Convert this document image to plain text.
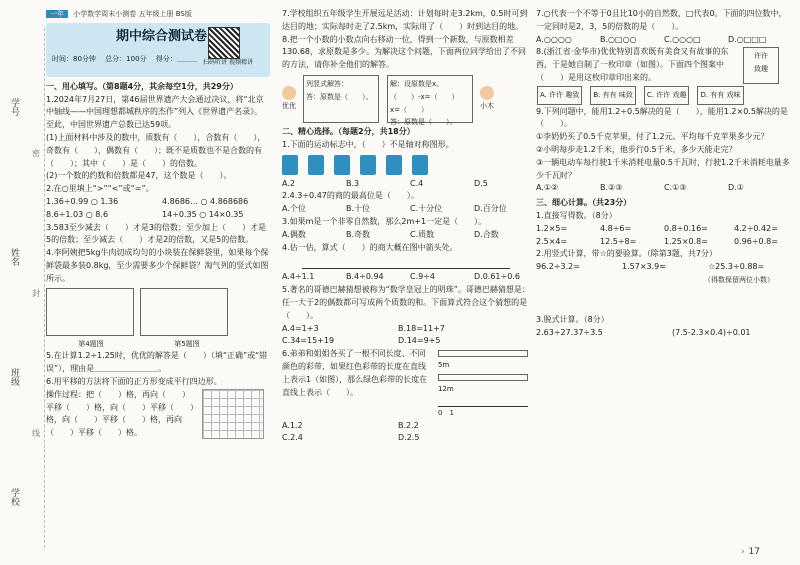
学号
姓名
班级
学校
密
封
线
一年 小学数学周末小测卷 五年级上册 BS版
期中综合测试卷
时间：80分钟　 总分：100分　 得分：＿＿＿ 扫码听讲 视频精讲
一、用心填写。（第8题4分，其余每空1分，共29分）

1.2024年7月27日，第46届世界遗产大会通过决议，将“北京中轴线——中国理想都城秩序的杰作”列入《世界遗产名录》。至此，中国世界遗产总数已达59项。

(1)上面材料中涉及的数中，质数有（　　），合数有（　　），奇数有（　　），偶数有（　　）；既不是质数也不是合数的有（　　）；其中（　　）是（　　）的倍数。

(2)一个数的约数和倍数都是47，这个数是（　　）。

2.在○里填上“>”“<”或“=”。

1.36÷0.99 ○ 1.36	4.8686… ○ 4.868686
8.6÷1.03 ○ 8.6	14÷0.35 ○ 14×0.35

3.583至少减去（　　）才是3的倍数；至少加上（　　）才是5的倍数；至少减去（　　）才是2的倍数，又是5的倍数。

4.李阿姨把5kg牛肉切成均匀的小块装在保鲜袋里，如果每个保鲜袋最多装0.8kg，至少需要多少个保鲜袋？淘气列的竖式如图所示。

第4题图	第5题图

5.在计算1.2÷1.25时，优优的解答是（　　）（填“正确”或“错误”），理由是＿＿＿＿＿＿＿＿。

6.用平移的方法将下面的正方形变成平行四边形。

操作过程：把（　　）格，再向（　　）平移（　　）格，向（　　）平移（　　）格，向（　　）平移（　　）格，再向（　　）平移（　　）格。

7.学校组织五年级学生开展远足活动：计划每时走3.2km，0.5时可到达目的地；实际每时走了2.5km，实际用了（　　）时到达目的地。

8.把一个小数的小数点向右移动一位，得到一个新数，与原数相差130.68，求原数是多少。为解决这个问题，下面两位同学给出了不同的方法，请你补全他们的解答。

优优
列竖式解答：
答：原数是（　　）。
解：设原数是x。
（　　）-x=（　　） x=（　　）
答：原数是（　　）。

小木
二、精心选择。（每题2分，共18分）

1.下面的运动标志中，（　　）不是轴对称图形。

A.2	B.3	C.4	D.5

2.4.3÷0.47的商的最高位是（　　）。

A.个位	B.十位	C.十分位	D.百分位

3.如果m是一个非零自然数，那么2m+1一定是（　　）。

A.偶数	B.奇数	C.质数	D.合数

4.估一估，算式（　　）的商大概在图中箭头处。

A.4÷1.1	B.4÷0.94	C.9÷4	D.0.61÷0.6

5.著名的哥德巴赫猜想被称为“数学皇冠上的明珠”。哥德巴赫猜想是：任一大于2的偶数都可写成两个质数的和。下面算式符合这个猜想的是（　　）。

A.4=1+3	B.18=11+7
C.34=15+19	D.14=9+5

6.弟弟和姐姐各买了一根不同长度、不同颜色的彩带，如果红色彩带的长度在直线上表示1（如图），那么绿色彩带的长度在直线上表示（　　）。

5m
12m
0　 1
A.1.2	B.2.2
C.2.4	D.2.5

7.○代表一个不等于0且比10小的自然数，□代表0。下面的四位数中，一定同时是2，3，5的倍数的是（　　）。

A.○○○○	B.○□○○	C.○○○□	D.○□□□

8.(浙江省·金华市)优优特别喜欢既有美食又有故事的东西，于是她自制了一枚印章（如图）。下面四个图案中（　　）是用这枚印章印出来的。

许许
致趣
A. 许许 趣致	B. 有有 味致	C. 许许 戏趣	D. 有有 戏味

9.下列问题中，能用1.2÷0.5解决的是（　　），能用1.2×0.5解决的是（　　）。

①李奶奶买了0.5千克苹果，付了1.2元。平均每千克苹果多少元？

②小明每步走1.2千米，他步行0.5千米，多少天能走完？

③一辆电动车每行驶1千米消耗电量0.5千瓦时，行驶1.2千米消耗电量多少千瓦时？

A.①②	B.②③	C.①③	D.①
三、细心计算。（共23分）

1.直接写得数。（8分）

1.2×5=	4.8÷6=	0.8÷0.16=	4.2÷0.42=
2.5×4=	12.5÷8=	1.25×0.8=	0.96÷0.8=

2.用竖式计算，带☆的要验算。（除第3题，共7分）

96.2÷3.2=	1.57×3.9≈	☆25.3÷0.88=
（得数保留两位小数）

3.脱式计算。（8分）

2.63÷27.37÷3.5	(7.5-2.3×0.4)÷0.01
› 17
